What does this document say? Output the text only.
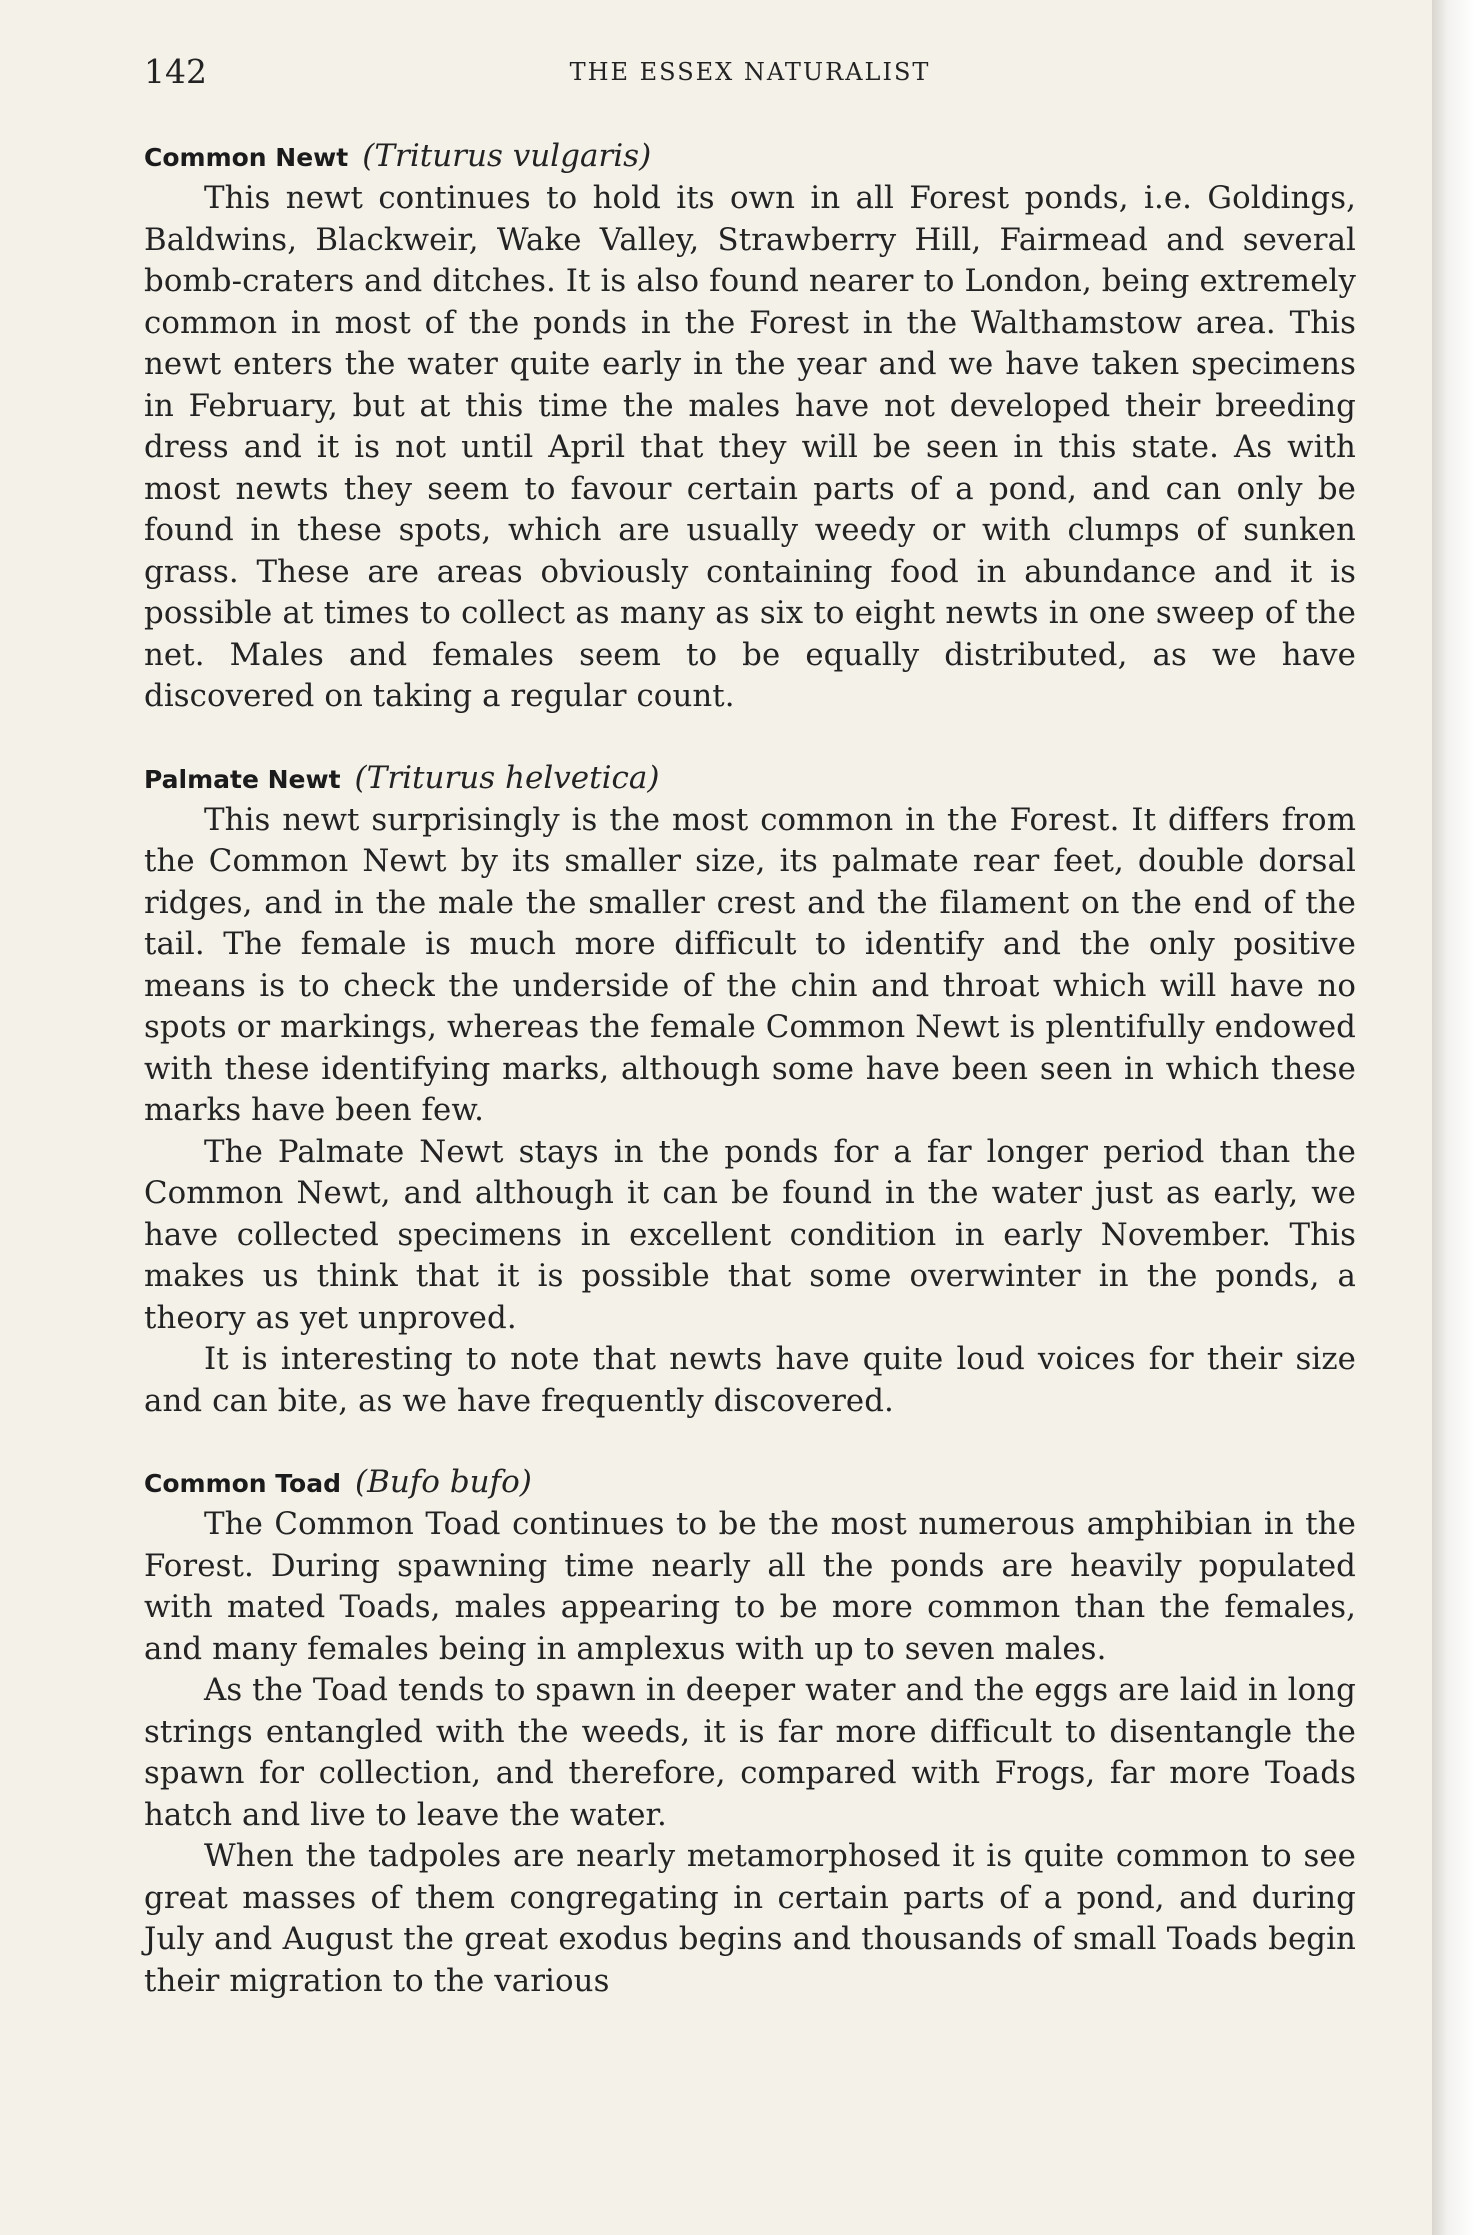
142	THE ESSEX NATURALIST
Common Newt (Triturus vulgaris)

This newt continues to hold its own in all Forest ponds, i.e. Goldings, Baldwins, Blackweir, Wake Valley, Strawberry Hill, Fairmead and several bomb-craters and ditches. It is also found nearer to London, being extremely common in most of the ponds in the Forest in the Walthamstow area. This newt enters the water quite early in the year and we have taken specimens in February, but at this time the males have not developed their breeding dress and it is not until April that they will be seen in this state. As with most newts they seem to favour certain parts of a pond, and can only be found in these spots, which are usually weedy or with clumps of sunken grass. These are areas obviously containing food in abundance and it is possible at times to collect as many as six to eight newts in one sweep of the net. Males and females seem to be equally distributed, as we have discovered on taking a regular count.

Palmate Newt (Triturus helvetica)

This newt surprisingly is the most common in the Forest. It differs from the Common Newt by its smaller size, its palmate rear feet, double dorsal ridges, and in the male the smaller crest and the filament on the end of the tail. The female is much more difficult to identify and the only positive means is to check the underside of the chin and throat which will have no spots or markings, whereas the female Common Newt is plentifully endowed with these identifying marks, although some have been seen in which these marks have been few.

The Palmate Newt stays in the ponds for a far longer period than the Common Newt, and although it can be found in the water just as early, we have collected specimens in excellent condition in early November. This makes us think that it is possible that some overwinter in the ponds, a theory as yet unproved.

It is interesting to note that newts have quite loud voices for their size and can bite, as we have frequently discovered.

Common Toad (Bufo bufo)

The Common Toad continues to be the most numerous amphibian in the Forest. During spawning time nearly all the ponds are heavily populated with mated Toads, males appearing to be more common than the females, and many females being in amplexus with up to seven males.

As the Toad tends to spawn in deeper water and the eggs are laid in long strings entangled with the weeds, it is far more difficult to disentangle the spawn for collection, and therefore, compared with Frogs, far more Toads hatch and live to leave the water.

When the tadpoles are nearly metamorphosed it is quite common to see great masses of them congregating in certain parts of a pond, and during July and August the great exodus begins and thousands of small Toads begin their migration to the various
